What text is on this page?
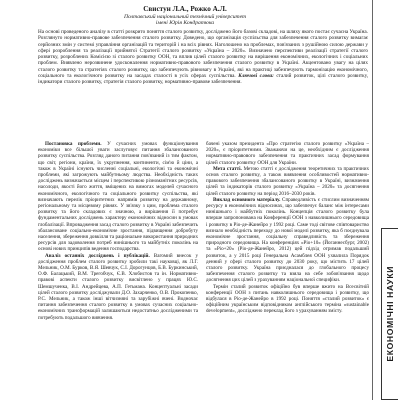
Свистун Л.А., Рожко А.Л.
Полтавський національний технічний університет
імені Юрія Кондратюка
На основі проведеного аналізу в статті розкрито поняття сталого розвитку, досліджено його базові складові, на шляху якого постає сучасна Україна. Розглянуто нормативно-правове забезпечення сталого розвитку. Доведено, що організація суспільства для забезпечення сталого розвитку вимагає серйозних змін у системі управління організацій та територій і на всіх рівнях. Наголошено на проблемах, пов'язаних з рушійною силою держави у сфері розроблення та реалізації прийнятої Стратегії сталого розвитку «Україна – 2020». Визначено перспективи реалізації стратегії сталого розвитку, розроблених Комісією зі сталого розвитку ООН, та вплив цілей сталого розвитку на вирішення економічних, екологічних і соціальних проблем. Виявлено нерозвинене удосконалення нормативно-правового забезпечення сталого розвитку в Україні. Акцентовано увагу на цілях сталого розвитку та стратегіях сталого розвитку, що забезпечують рівновагу в Україні, які на практиці забезпечують гармонізацію економічного, соціального та екологічного розвитку на засадах сталості в усіх сферах суспільства. Ключові слова: сталий розвиток, цілі сталого розвитку, індикатори сталого розвитку, стратегія сталого розвитку, нормативно-правове забезпечення.

Постановка проблеми. У сучасних умовах функціонування економіки все більшої уваги заслуговує питання збалансованого розвитку суспільства. Розгляд даного питання пов'язаний із тим фактом, що світ, регіони, країни, їх укрупнення, континенти, сім'ю й ціни, а також в Україні існують численні соціальні, екологічні та економічні проблеми, які загрожують майбутньому людства. Необхідність таких досліджень визначається місцем і перспективою різноманітних ресурсів, насолоди, якості його життя, вміщених на вимогах моделей сучасного економічного, екологічного та соціального розвитку суспільства, які визначають перелік пріоритетних напрямів розвитку на державному, регіональному та місцевому рівнях. У зв'язку з цим, проблема сталого розвитку та його складових є значною, а вирішення її потребує фундаментальних досліджень характеру економічних відносин в умовах глобалізації. Впровадження засад сталого розвитку в Україні забезпечить збалансоване соціально-економічне зростання, підвищення добробуту населення, збереження довкілля та раціональне використання природних ресурсів для задоволення потреб нинішнього та майбутніх поколінь на основі нових принципів ведення господарства.

Аналіз останніх досліджень і публікацій. Вагомий внесок у дослідження проблем сталого розвитку зробили такі науковці, як Л.Г. Мельник, О.М. Бурков, В.Я. Шевчук, С.І. Дорогунцов, Б.В. Буркинський, О.Ф. Балацький, В.М. Трегобчук, Є.В. Хлобистов та ін. Нормативно-правові аспекти сталого розвитку висвітлено у працях Ю.С. Шемшученка, В.І. Андрейцева, А.П. Гетьмана. Концептуальні засади цілей сталого розвитку досліджували Д.О. Захарченко, О.В. Прокопенко, Р.С. Мельник, а також інші вітчизняні та зарубіжні вчені. Водночас питання забезпечення сталого розвитку в умовах сучасних соціально-економічних трансформацій залишаються недостатньо дослідженими та потребують подальшого вивчення.

бачені указом президента «Про стратегію сталого розвитку «Україна – 2020», є пріоритетними. Зважаючи на це, необхідним є дослідження нормативно-правового забезпечення та практичних засад формування цілей сталого розвитку ООН для України.

Мета статті. Метою статті є дослідження теоретичних та практичних основ сталого розвитку, а також виявлення особливостей нормативно-правового забезпечення збалансованого розвитку в Україні, визначення цілей та індикаторів сталого розвитку «Україна – 2020» та досягнення цілей сталого розвитку на період 2016–2030 років.

Виклад основного матеріалу. Справедливість є стислим визначенням ресурсу в економічних відносинах, що забезпечує баланс між інтересами нинішнього і майбутніх поколінь. Концепція сталого розвитку була вперше запропонована на Конференції ООН з навколишнього середовища і розвитку в Ріо-де-Жанейро у 1992 році. Саме тоді світове співтовариство визнало необхідність переходу до нової моделі розвитку, яка б поєднувала економічне зростання, соціальну справедливість та збереження природного середовища. На конференціях «Ріо+10» (Йоганнесбург, 2002) та «Ріо+20» (Ріо-де-Жанейро, 2012) цей підхід отримав подальший розвиток, а у 2015 році Генеральна Асамблея ООН ухвалила Порядок денний у сфері сталого розвитку до 2030 року, що містить 17 цілей сталого розвитку. Україна приєдналася до глобального процесу забезпечення сталого розвитку та взяла на себе зобов'язання щодо досягнення цих цілей з урахуванням національної специфіки.

Термін сталий розвиток офіційно був вперше вжито на Всесвітній конференції ООН з питань навколишнього середовища і розвитку, що відбулася в Ріо-де-Жанейро в 1992 році. Поняття «сталий розвиток» є офіційним українським відповідником англійського терміна «sustainable development», досліджено переклад його з урахуванням змісту.	ЕКОНОМІЧНІ НАУКИ
